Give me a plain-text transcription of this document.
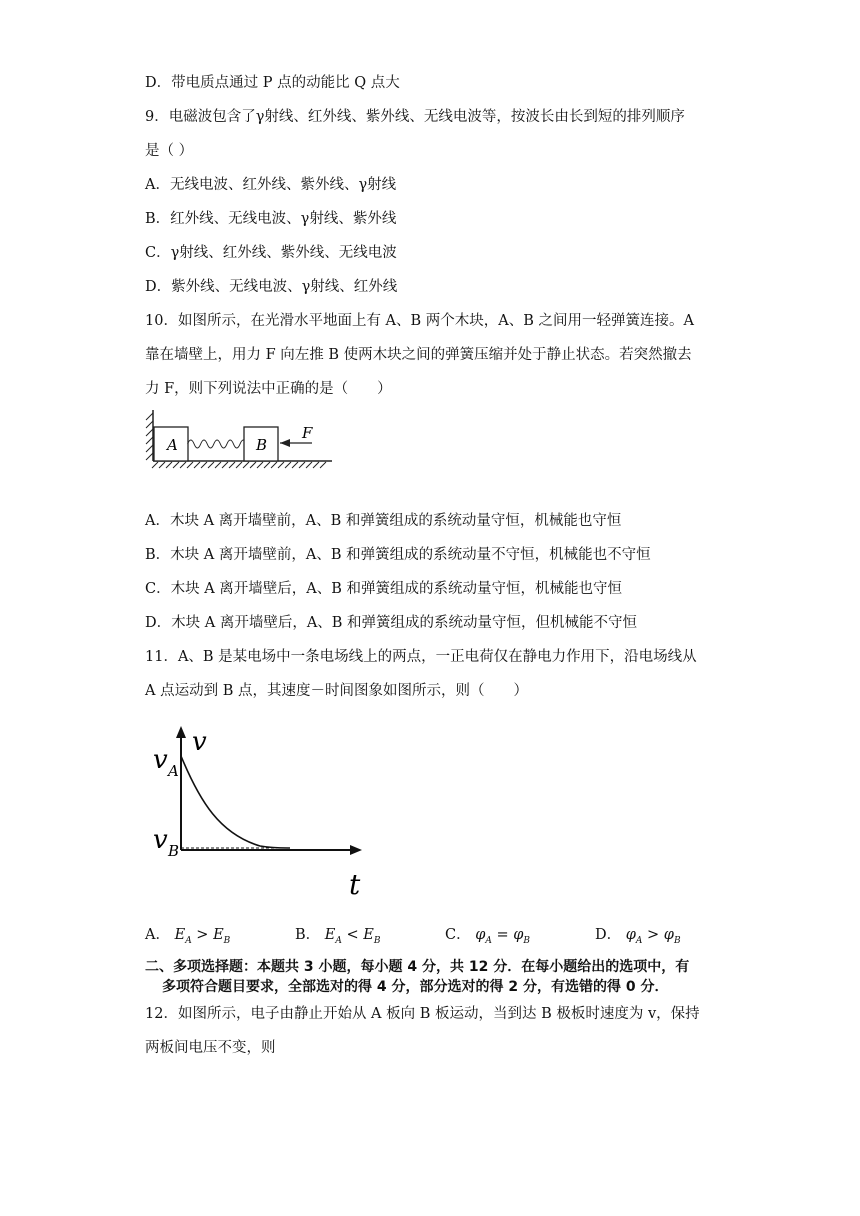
D．带电质点通过 P 点的动能比 Q 点大
9．电磁波包含了γ射线、红外线、紫外线、无线电波等，按波长由长到短的排列顺序
是（ ）
A．无线电波、红外线、紫外线、γ射线
B．红外线、无线电波、γ射线、紫外线
C．γ射线、红外线、紫外线、无线电波
D．紫外线、无线电波、γ射线、红外线
10．如图所示，在光滑水平地面上有 A、B 两个木块，A、B 之间用一轻弹簧连接。A
靠在墙壁上，用力 F 向左推 B 使两木块之间的弹簧压缩并处于静止状态。若突然撤去
力 F，则下列说法中正确的是（　　）
A	B
F
A．木块 A 离开墙壁前，A、B 和弹簧组成的系统动量守恒，机械能也守恒
B．木块 A 离开墙壁前，A、B 和弹簧组成的系统动量不守恒，机械能也不守恒
C．木块 A 离开墙壁后，A、B 和弹簧组成的系统动量守恒，机械能也守恒
D．木块 A 离开墙壁后，A、B 和弹簧组成的系统动量守恒，但机械能不守恒
11．A、B 是某电场中一条电场线上的两点，一正电荷仅在静电力作用下，沿电场线从
A 点运动到 B 点，其速度－时间图象如图所示，则（　　）
v
t
v A
v B
A． $E_A > E_B$	B． $E_A < E_B$	C． $\varphi_A = \varphi_B$	D． $\varphi_A > \varphi_B$
二、多项选择题：本题共 3 小题，每小题 4 分，共 12 分．在每小题给出的选项中，有
多项符合题目要求，全部选对的得 4 分，部分选对的得 2 分，有选错的得 0 分．
12．如图所示，电子由静止开始从 A 板向 B 板运动，当到达 B 极板时速度为 v，保持
两板间电压不变，则
